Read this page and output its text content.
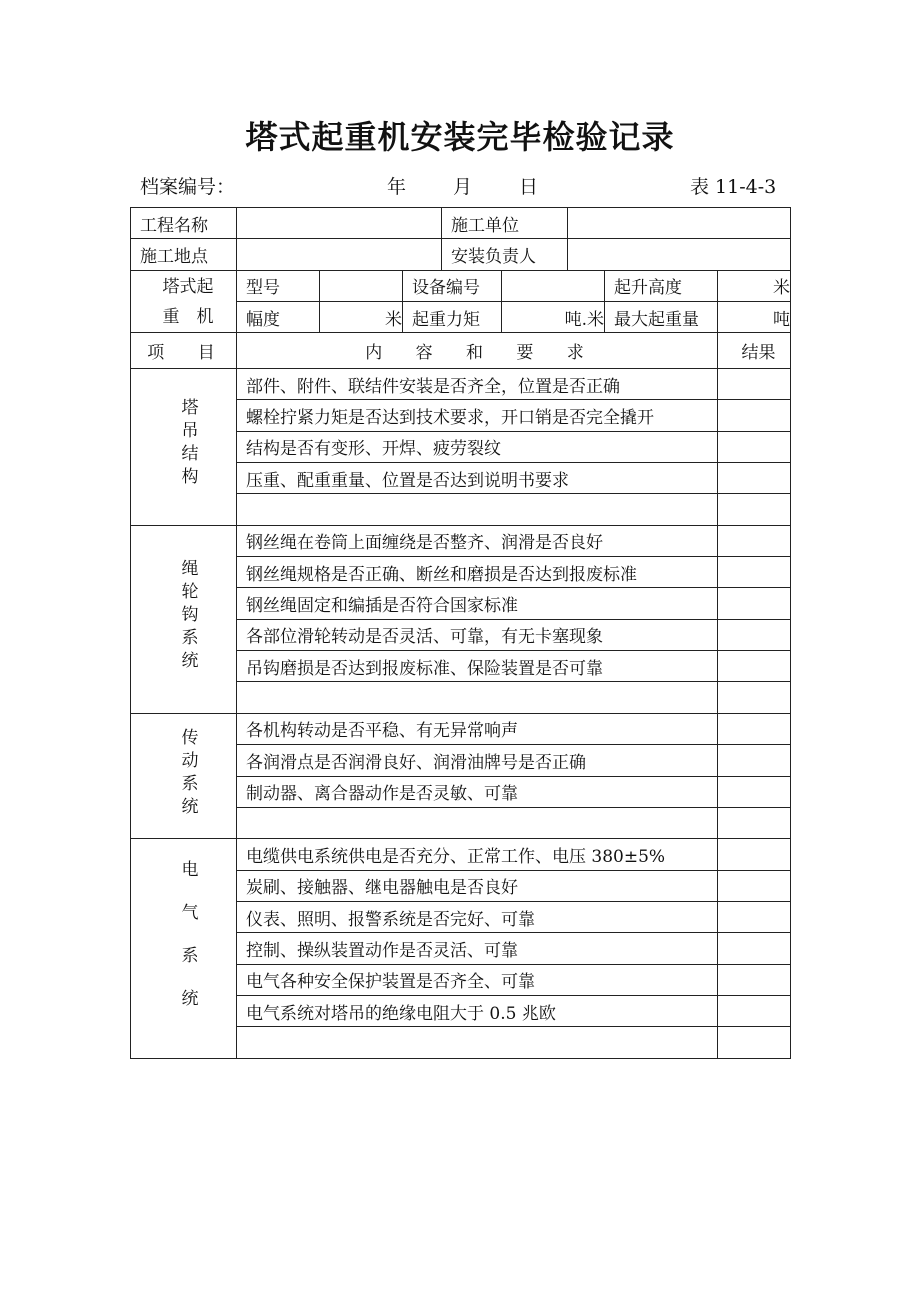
塔式起重机安装完毕检验记录
档案编号：	年 月 日	表 11-4-3
工程名称				施工单位				
施工地点				安装负责人				

塔式起
重　机	型号		设备编号				起升高度	米
	幅度	米	起重力矩		吨.米		最大起重量	吨
项 目	内 容 和 要 求							结果
塔吊结构	部件、附件、联结件安装是否齐全，位置是否正确							
	螺栓拧紧力矩是否达到技术要求，开口销是否完全撬开							
	结构是否有变形、开焊、疲劳裂纹							
	压重、配重重量、位置是否达到说明书要求							

绳轮钩系统	钢丝绳在卷筒上面缠绕是否整齐、润滑是否良好							
	钢丝绳规格是否正确、断丝和磨损是否达到报废标准							
	钢丝绳固定和编插是否符合国家标准							
	各部位滑轮转动是否灵活、可靠，有无卡塞现象							
	吊钩磨损是否达到报废标准、保险装置是否可靠							

传动系统	各机构转动是否平稳、有无异常响声							
	各润滑点是否润滑良好、润滑油牌号是否正确							
	制动器、离合器动作是否灵敏、可靠							

电气系统	电缆供电系统供电是否充分、正常工作、电压 380±5%							
	炭刷、接触器、继电器触电是否良好							
	仪表、照明、报警系统是否完好、可靠							
	控制、操纵装置动作是否灵活、可靠							
	电气各种安全保护装置是否齐全、可靠							
	电气系统对塔吊的绝缘电阻大于 0.5 兆欧							
